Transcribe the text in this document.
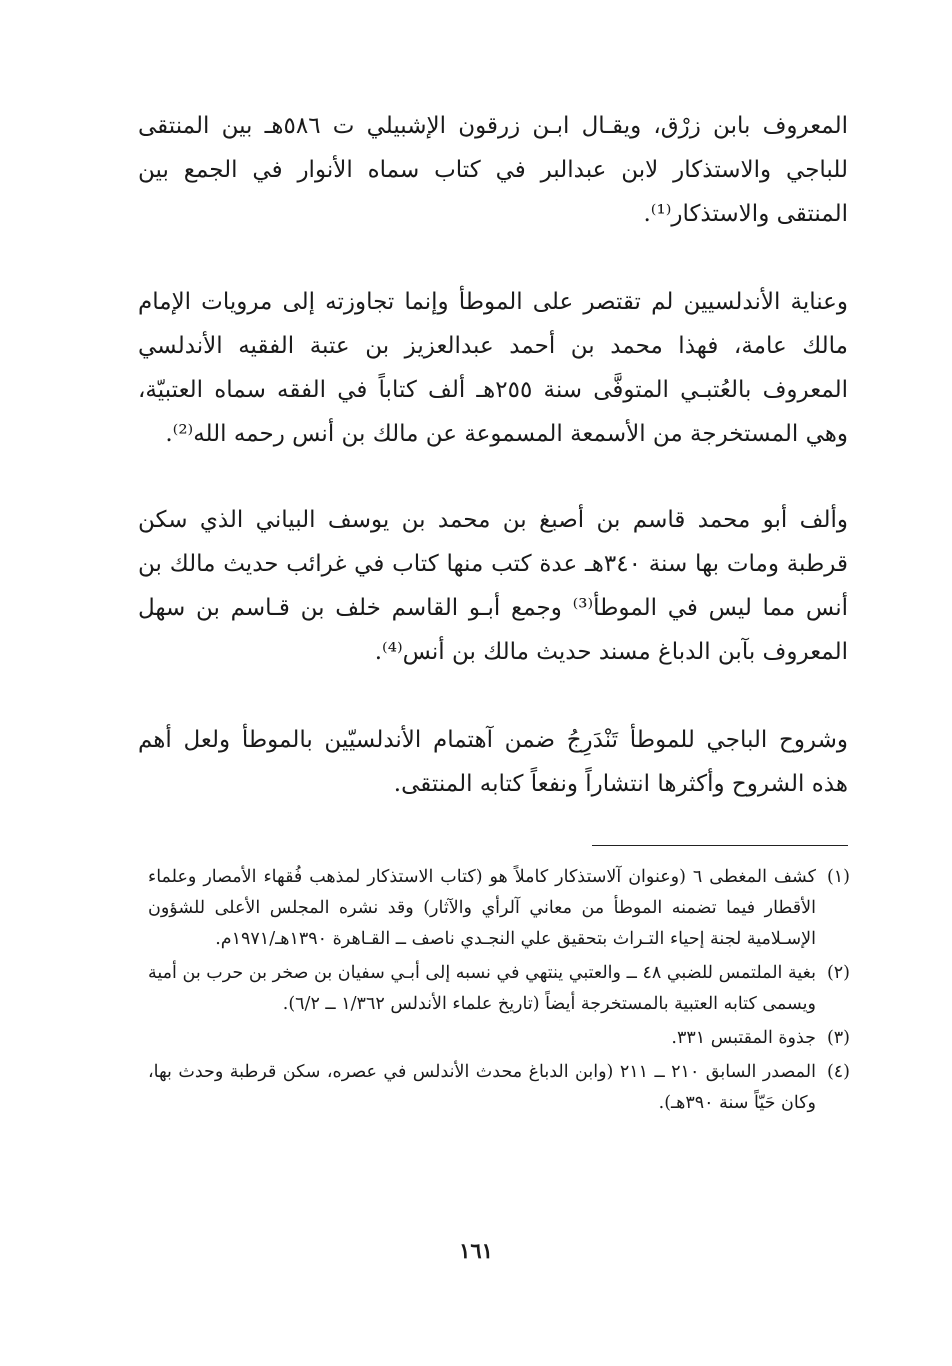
المعروف بابن زرْق، ويقـال ابـن زرقون الإشبيلي ت ٥٨٦هـ بين المنتقى للباجي والاستذكار لابن عبدالبر في كتاب سماه الأنوار في الجمع بين المنتقى والاستذكار⁽¹⁾.

وعناية الأندلسيين لم تقتصر على الموطأ وإنما تجاوزته إلى مرويات الإمام مالك عامة، فهذا محمد بن أحمد عبدالعزيز بن عتبة الفقيه الأندلسي المعروف بالعُتبـي المتوفَّى سنة ٢٥٥هـ ألف كتاباً في الفقه سماه العتبيّة، وهي المستخرجة من الأسمعة المسموعة عن مالك بن أنس رحمه الله⁽²⁾.

وألف أبو محمد قاسم بن أصبغ بن محمد بن يوسف البياني الذي سكن قرطبة ومات بها سنة ٣٤٠هـ عدة كتب منها كتاب في غرائب حديث مالك بن أنس مما ليس في الموطأ⁽³⁾ وجمع أبـو القاسم خلف بن قـاسم بن سهل المعروف بآبن الدباغ مسند حديث مالك بن أنس⁽⁴⁾.

وشروح الباجي للموطأ تَنْدَرِجُ ضمن آهتمام الأندلسيّين بالموطأ ولعل أهم هذه الشروح وأكثرها انتشاراً ونفعاً كتابه المنتقى.

(١)
كشف المغطى ٦ (وعنوان آلاستذكار كاملاً هو (كتاب الاستذكار لمذهب فُقهاء الأمصار وعلماء الأقطار فيما تضمنه الموطأ من معاني آلرأي والآثار) وقد نشره المجلس الأعلى للشؤون الإسـلامية لجنة إحياء التـراث بتحقيق علي النجـدي ناصف ــ القـاهرة ١٣٩٠هـ/١٩٧١م.
(٢)
بغية الملتمس للضبي ٤٨ ــ والعتبي ينتهي في نسبه إلى أبـي سفيان بن صخر بن حرب بن أمية ويسمى كتابه العتبية بالمستخرجة أيضاً (تاريخ علماء الأندلس ١/٣٦٢ ــ ٦/٢).
(٣)
جذوة المقتبس ٣٣١.
(٤)
المصدر السابق ٢١٠ ــ ٢١١ (وابن الدباغ محدث الأندلس في عصره، سكن قرطبة وحدث بها، وكان حَيّاً سنة ٣٩٠هـ).
١٦١
